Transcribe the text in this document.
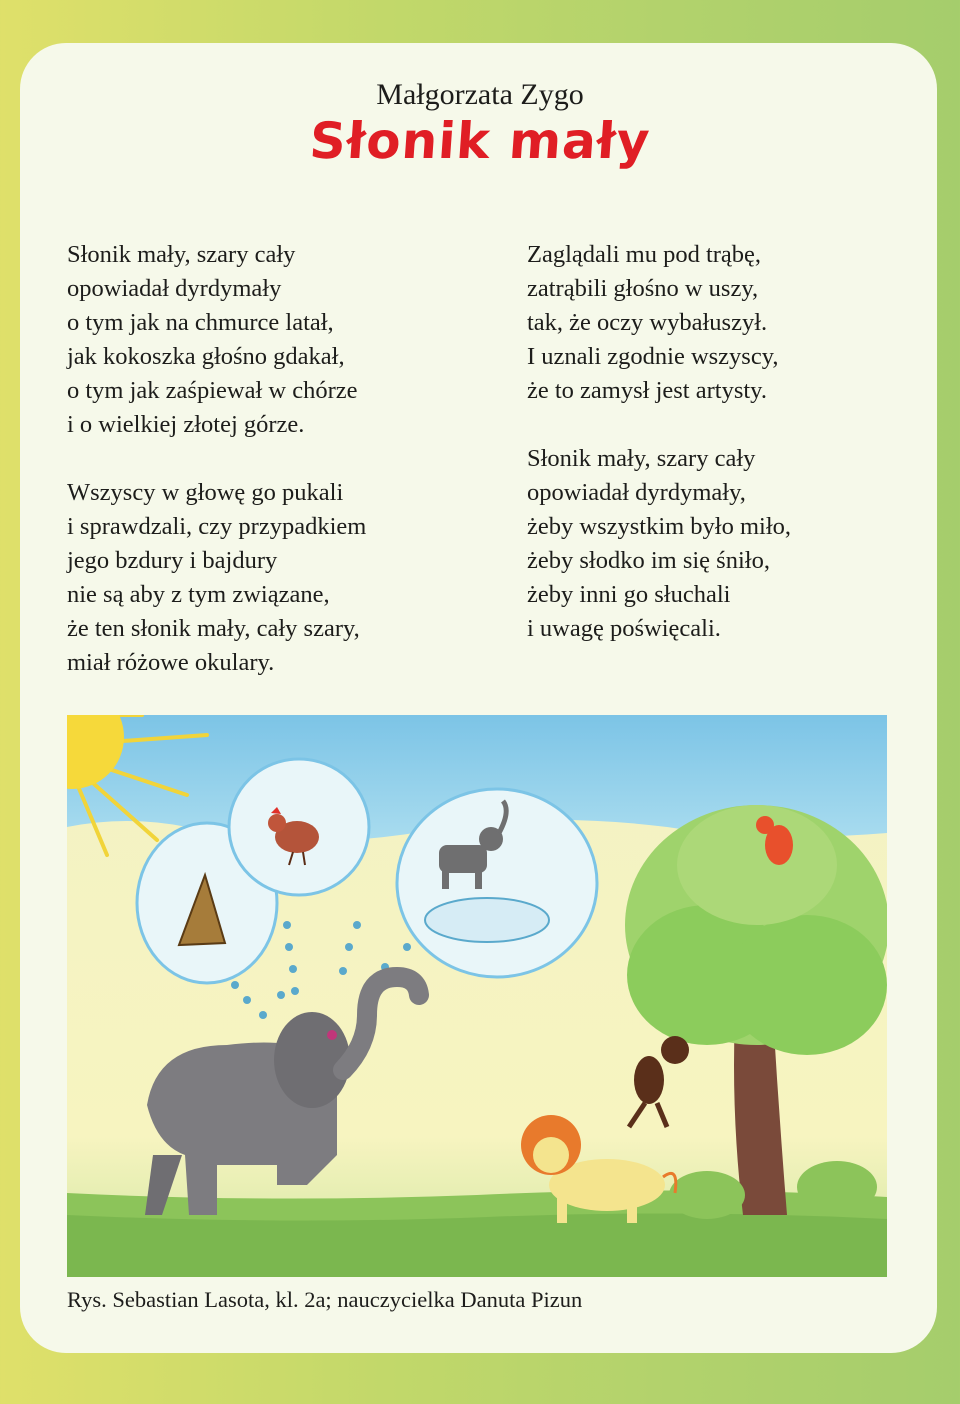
Małgorzata Zygo
Słonik mały
Słonik mały, szary cały
opowiadał dyrdymały
o tym jak na chmurce latał,
jak kokoszka głośno gdakał,
o tym jak zaśpiewał w chórze
i o wielkiej złotej górze.
Wszyscy w głowę go pukali
i sprawdzali, czy przypadkiem
jego bzdury i bajdury
nie są aby z tym związane,
że ten słonik mały, cały szary,
miał różowe okulary.
Zaglądali mu pod trąbę,
zatrąbili głośno w uszy,
tak, że oczy wybałuszył.
I uznali zgodnie wszyscy,
że to zamysł jest artysty.
Słonik mały, szary cały
opowiadał dyrdymały,
żeby wszystkim było miło,
żeby słodko im się śniło,
żeby inni go słuchali
i uwagę poświęcali.
Rys. Sebastian Lasota, kl. 2a; nauczycielka Danuta Pizun
